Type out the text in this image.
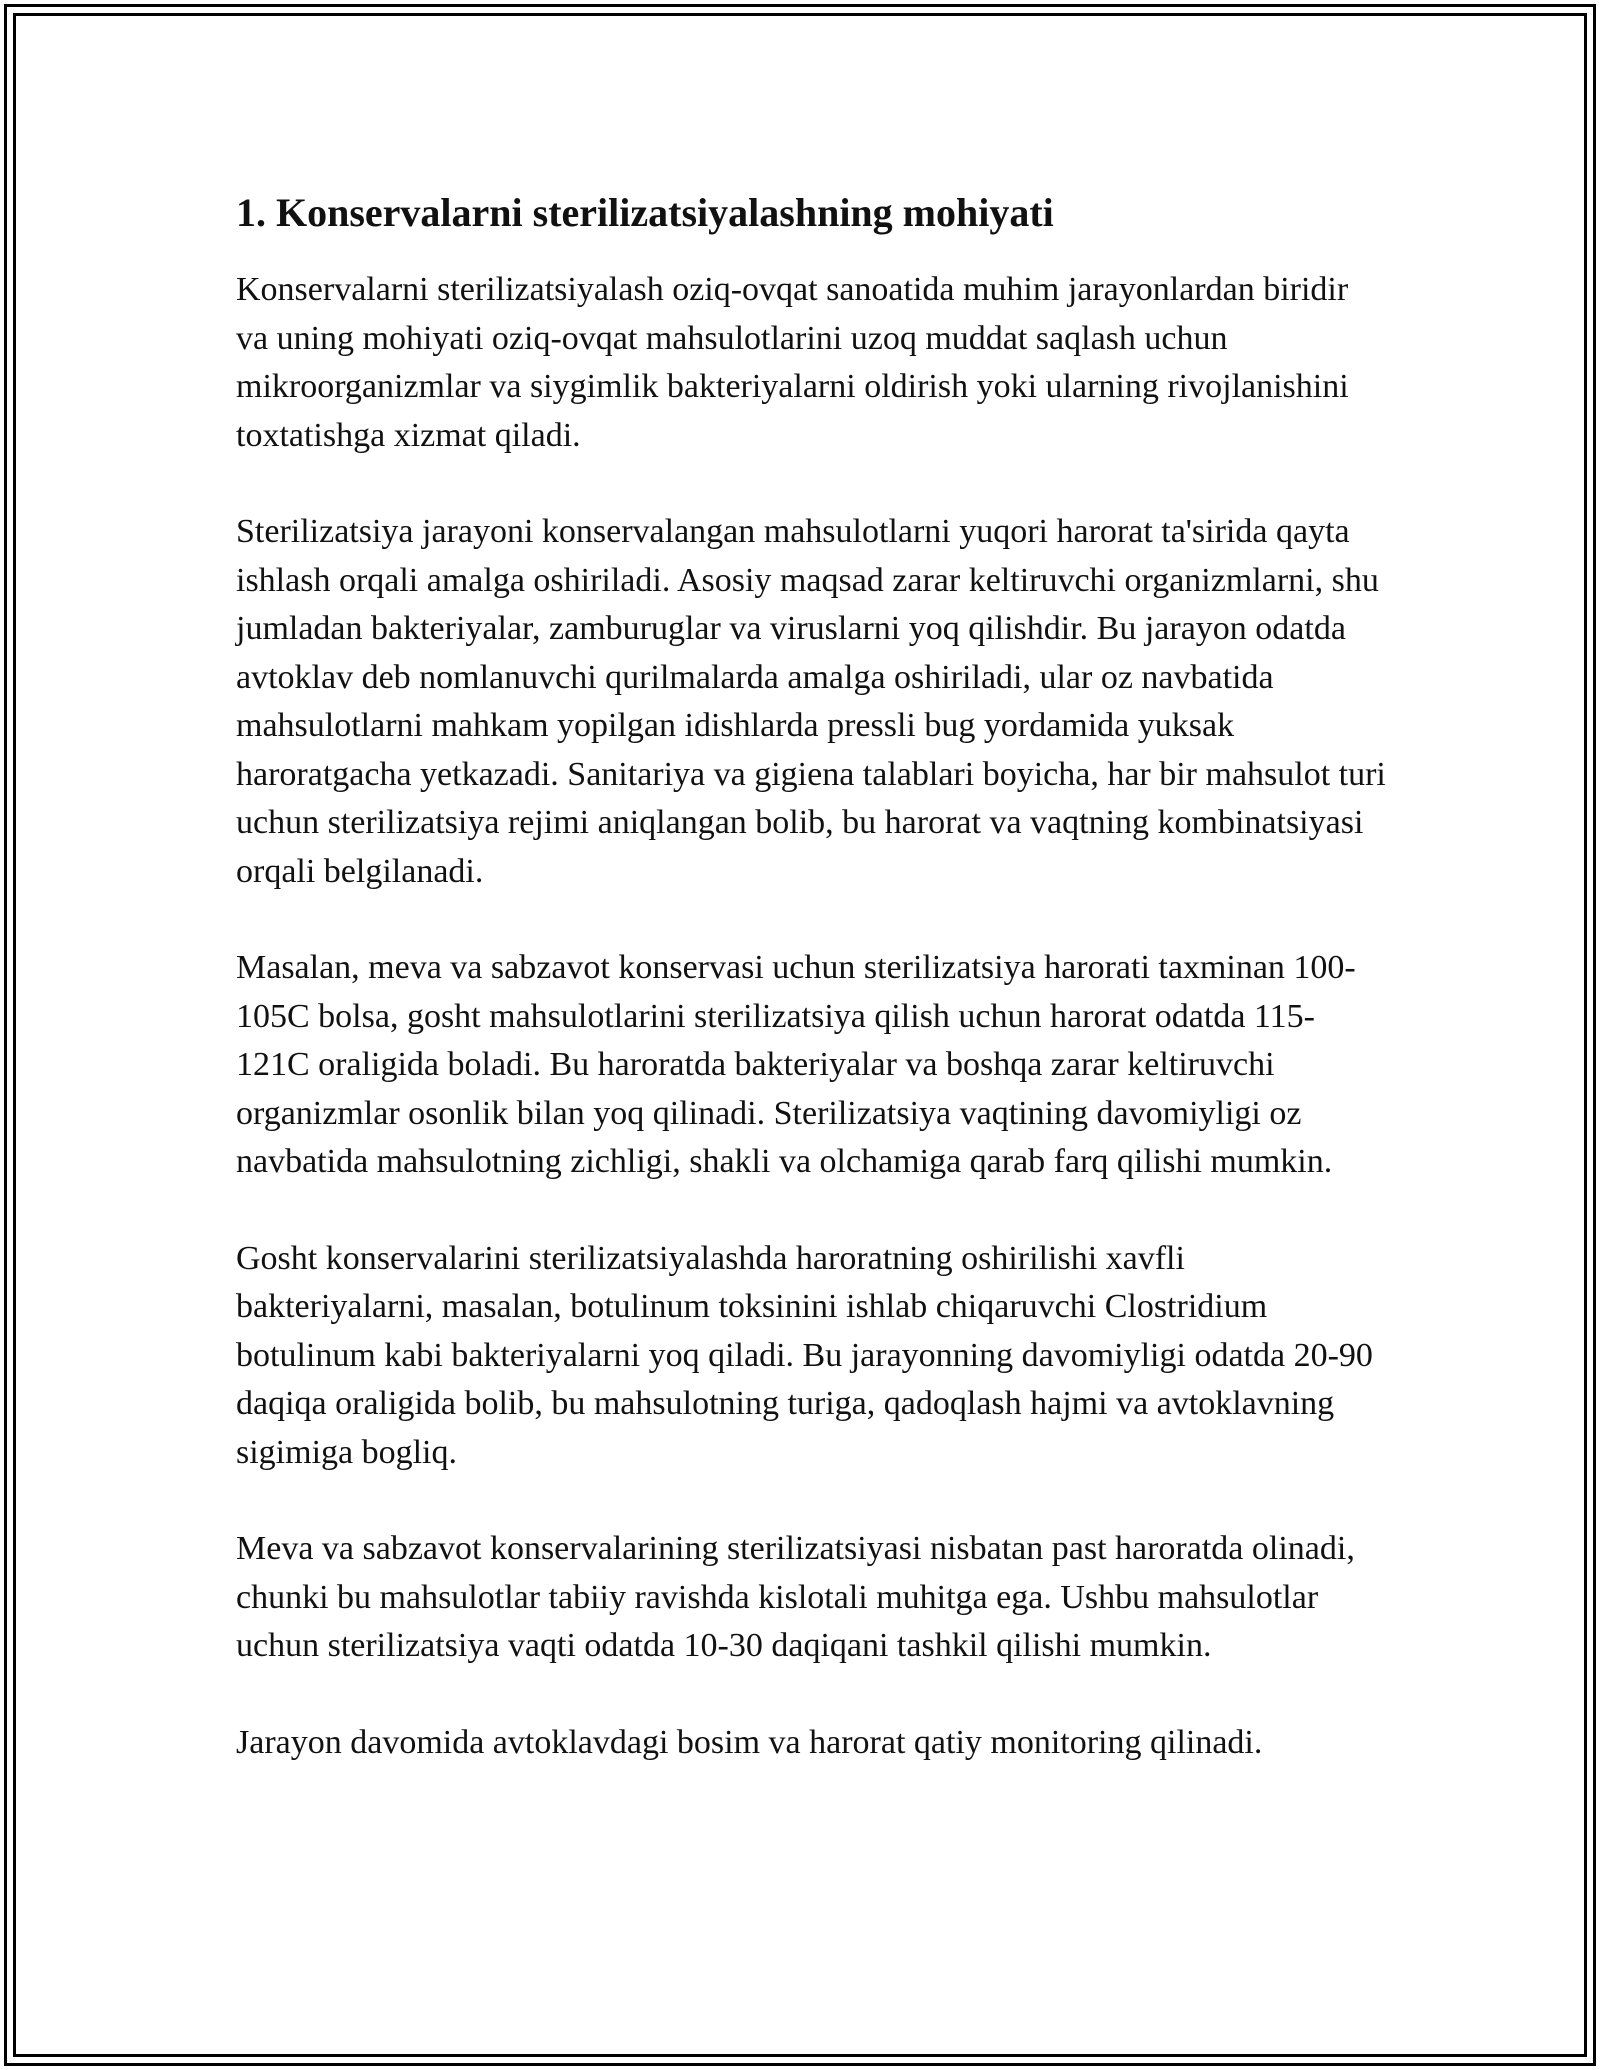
1. Konservalarni sterilizatsiyalashning mohiyati

Konservalarni sterilizatsiyalash oziq-ovqat sanoatida muhim jarayonlardan biridir va uning mohiyati oziq-ovqat mahsulotlarini uzoq muddat saqlash uchun mikroorganizmlar va siygimlik bakteriyalarni oldirish yoki ularning rivojlanishini toxtatishga xizmat qiladi.

Sterilizatsiya jarayoni konservalangan mahsulotlarni yuqori harorat ta'sirida qayta ishlash orqali amalga oshiriladi. Asosiy maqsad zarar keltiruvchi organizmlarni, shu jumladan bakteriyalar, zamburuglar va viruslarni yoq qilishdir. Bu jarayon odatda avtoklav deb nomlanuvchi qurilmalarda amalga oshiriladi, ular oz navbatida mahsulotlarni mahkam yopilgan idishlarda pressli bug yordamida yuksak haroratgacha yetkazadi. Sanitariya va gigiena talablari boyicha, har bir mahsulot turi uchun sterilizatsiya rejimi aniqlangan bolib, bu harorat va vaqtning kombinatsiyasi orqali belgilanadi.

Masalan, meva va sabzavot konservasi uchun sterilizatsiya harorati taxminan 100-105C bolsa, gosht mahsulotlarini sterilizatsiya qilish uchun harorat odatda 115-121C oraligida boladi. Bu haroratda bakteriyalar va boshqa zarar keltiruvchi organizmlar osonlik bilan yoq qilinadi. Sterilizatsiya vaqtining davomiyligi oz navbatida mahsulotning zichligi, shakli va olchamiga qarab farq qilishi mumkin.

Gosht konservalarini sterilizatsiyalashda haroratning oshirilishi xavfli bakteriyalarni, masalan, botulinum toksinini ishlab chiqaruvchi Clostridium botulinum kabi bakteriyalarni yoq qiladi. Bu jarayonning davomiyligi odatda 20-90 daqiqa oraligida bolib, bu mahsulotning turiga, qadoqlash hajmi va avtoklavning sigimiga bogliq.

Meva va sabzavot konservalarining sterilizatsiyasi nisbatan past haroratda olinadi, chunki bu mahsulotlar tabiiy ravishda kislotali muhitga ega. Ushbu mahsulotlar uchun sterilizatsiya vaqti odatda 10-30 daqiqani tashkil qilishi mumkin.

Jarayon davomida avtoklavdagi bosim va harorat qatiy monitoring qilinadi.
